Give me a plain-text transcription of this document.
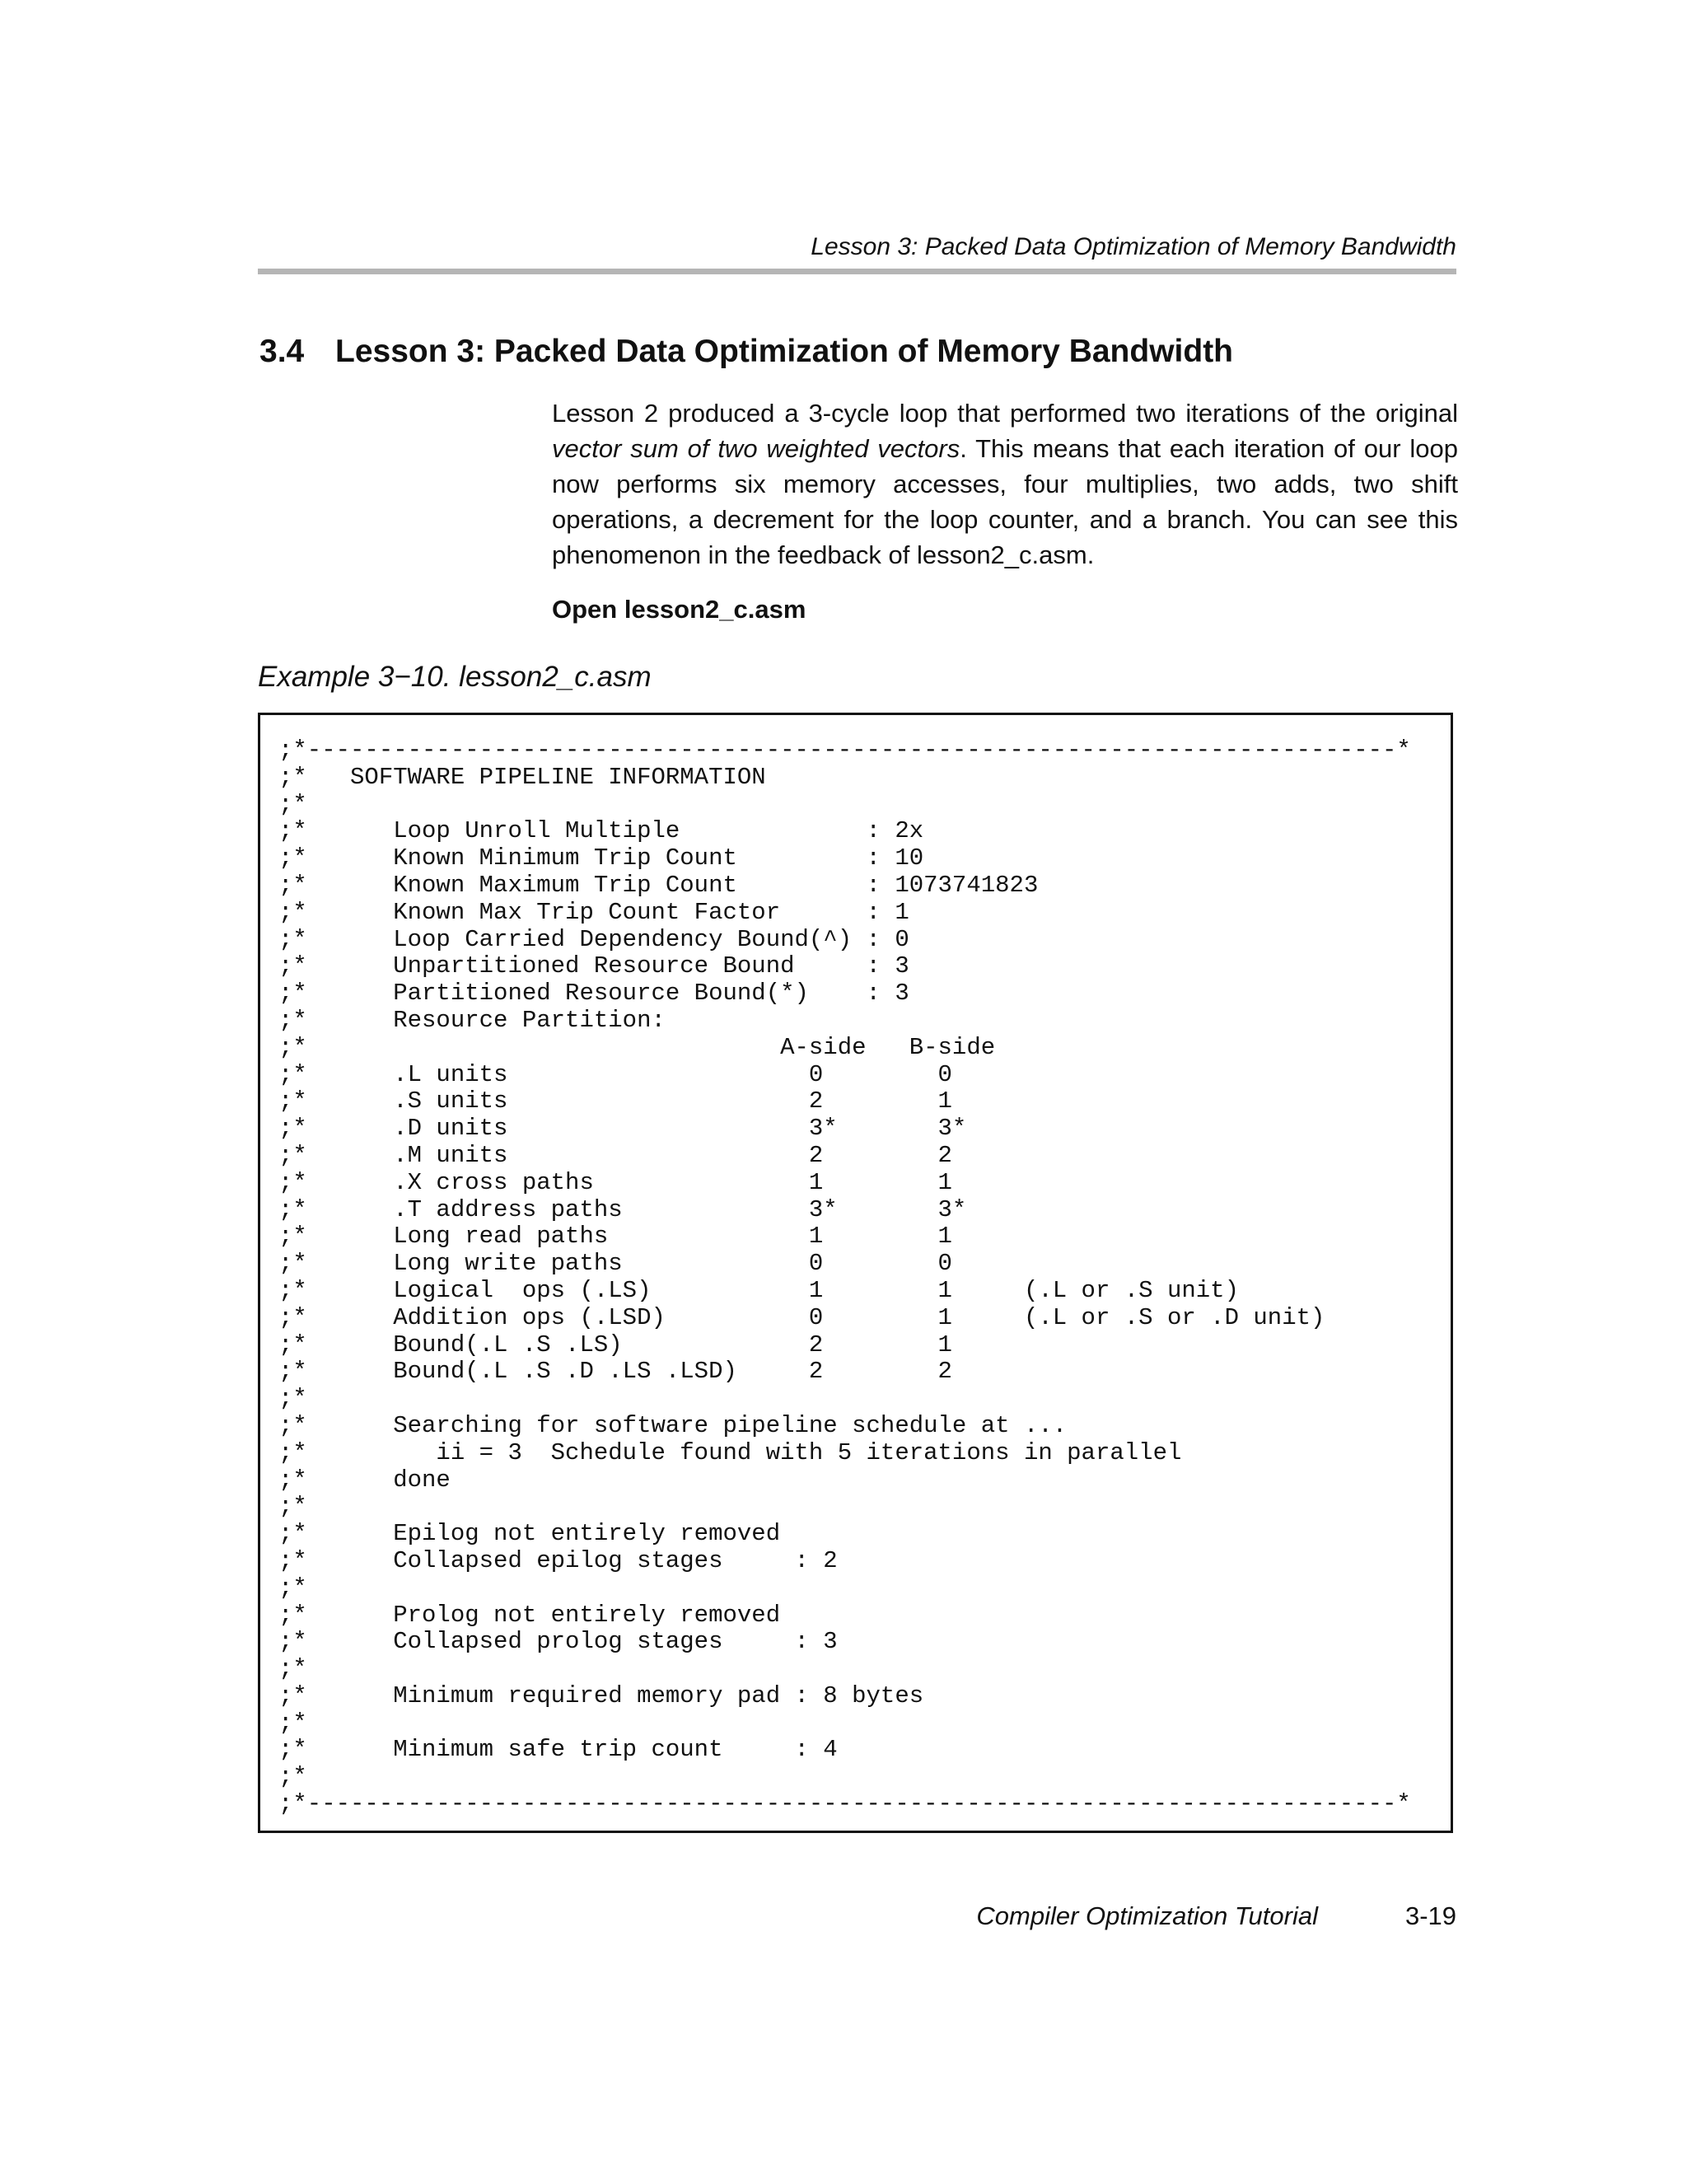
Lesson 3: Packed Data Optimization of Memory Bandwidth
3.4 Lesson 3: Packed Data Optimization of Memory Bandwidth

Lesson 2 produced a 3-cycle loop that performed two iterations of the original vector sum of two weighted vectors. This means that each iteration of our loop now performs six memory accesses, four multiplies, two adds, two shift operations, a decrement for the loop counter, and a branch. You can see this phenomenon in the feedback of lesson2_c.asm.

Open lesson2_c.asm
Example 3−10. lesson2_c.asm
;*----------------------------------------------------------------------------*
;*   SOFTWARE PIPELINE INFORMATION
;*
;*      Loop Unroll Multiple             : 2x
;*      Known Minimum Trip Count         : 10
;*      Known Maximum Trip Count         : 1073741823
;*      Known Max Trip Count Factor      : 1
;*      Loop Carried Dependency Bound(^) : 0
;*      Unpartitioned Resource Bound     : 3
;*      Partitioned Resource Bound(*)    : 3
;*      Resource Partition:
;*                                 A-side   B-side
;*      .L units                     0        0
;*      .S units                     2        1
;*      .D units                     3*       3*
;*      .M units                     2        2
;*      .X cross paths               1        1
;*      .T address paths             3*       3*
;*      Long read paths              1        1
;*      Long write paths             0        0
;*      Logical  ops (.LS)           1        1     (.L or .S unit)
;*      Addition ops (.LSD)          0        1     (.L or .S or .D unit)
;*      Bound(.L .S .LS)             2        1
;*      Bound(.L .S .D .LS .LSD)     2        2
;*
;*      Searching for software pipeline schedule at ...
;*         ii = 3  Schedule found with 5 iterations in parallel
;*      done
;*
;*      Epilog not entirely removed
;*      Collapsed epilog stages     : 2
;*
;*      Prolog not entirely removed
;*      Collapsed prolog stages     : 3
;*
;*      Minimum required memory pad : 8 bytes
;*
;*      Minimum safe trip count     : 4
;*
;*----------------------------------------------------------------------------*
Compiler Optimization Tutorial	3-19
